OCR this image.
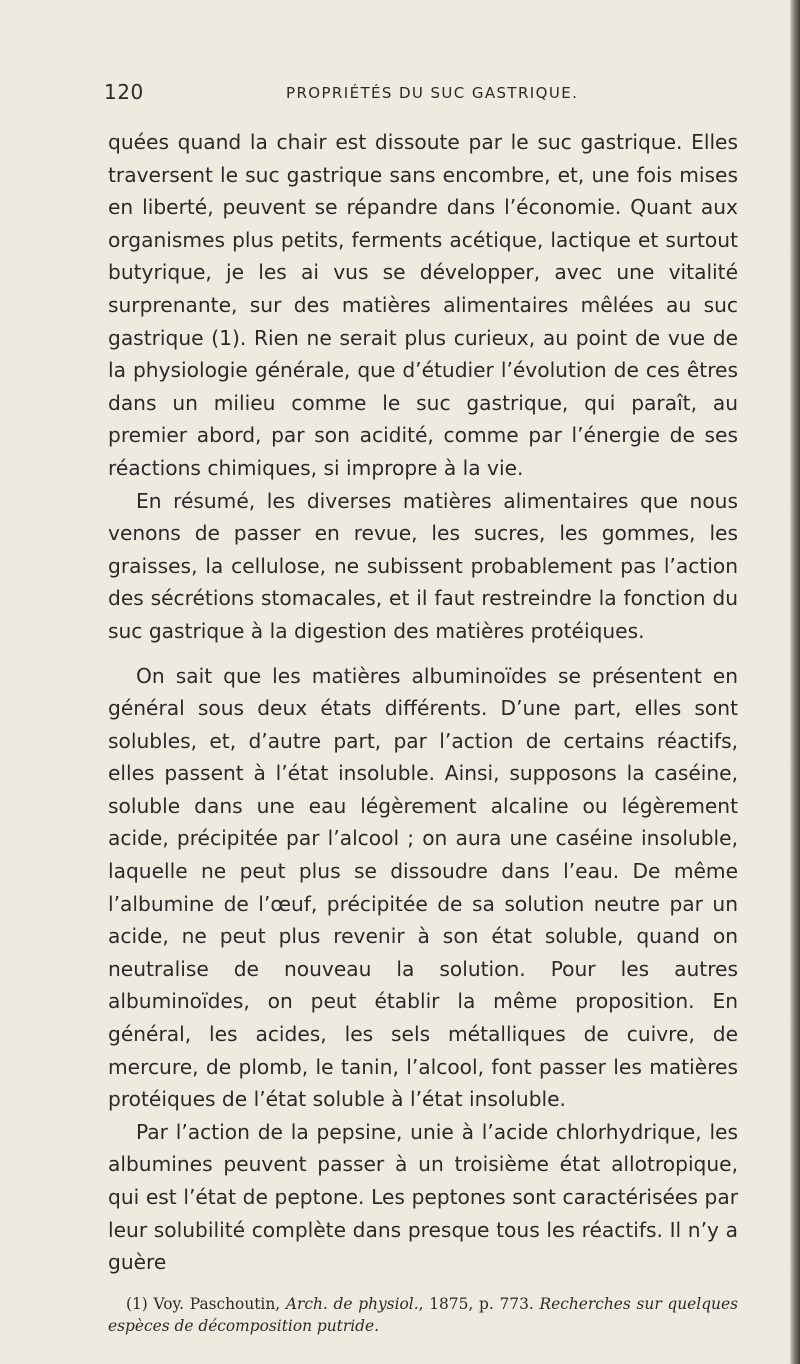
120	PROPRIÉTÉS DU SUC GASTRIQUE.

quées quand la chair est dissoute par le suc gastrique. Elles traversent le suc gastrique sans encombre, et, une fois mises en liberté, peuvent se répandre dans l’économie. Quant aux organismes plus petits, ferments acétique, lactique et surtout butyrique, je les ai vus se développer, avec une vitalité surprenante, sur des matières alimentaires mêlées au suc gastrique (1). Rien ne serait plus curieux, au point de vue de la physiologie générale, que d’étudier l’évolution de ces êtres dans un milieu comme le suc gastrique, qui paraît, au premier abord, par son acidité, comme par l’énergie de ses réactions chimiques, si impropre à la vie.

En résumé, les diverses matières alimentaires que nous venons de passer en revue, les sucres, les gommes, les graisses, la cellulose, ne subissent probablement pas l’action des sécrétions stomacales, et il faut restreindre la fonction du suc gastrique à la digestion des matières protéiques.

On sait que les matières albuminoïdes se présentent en général sous deux états différents. D’une part, elles sont solubles, et, d’autre part, par l’action de certains réactifs, elles passent à l’état insoluble. Ainsi, supposons la caséine, soluble dans une eau légèrement alcaline ou légèrement acide, précipitée par l’alcool ; on aura une caséine insoluble, laquelle ne peut plus se dissoudre dans l’eau. De même l’albumine de l’œuf, précipitée de sa solution neutre par un acide, ne peut plus revenir à son état soluble, quand on neutralise de nouveau la solution. Pour les autres albuminoïdes, on peut établir la même proposition. En général, les acides, les sels métalliques de cuivre, de mercure, de plomb, le tanin, l’alcool, font passer les matières protéiques de l’état soluble à l’état insoluble.

Par l’action de la pepsine, unie à l’acide chlorhydrique, les albumines peuvent passer à un troisième état allotropique, qui est l’état de peptone. Les peptones sont caractérisées par leur solubilité complète dans presque tous les réactifs. Il n’y a guère

(1) Voy. Paschoutin, Arch. de physiol., 1875, p. 773. Recherches sur quelques espèces de décomposition putride.
